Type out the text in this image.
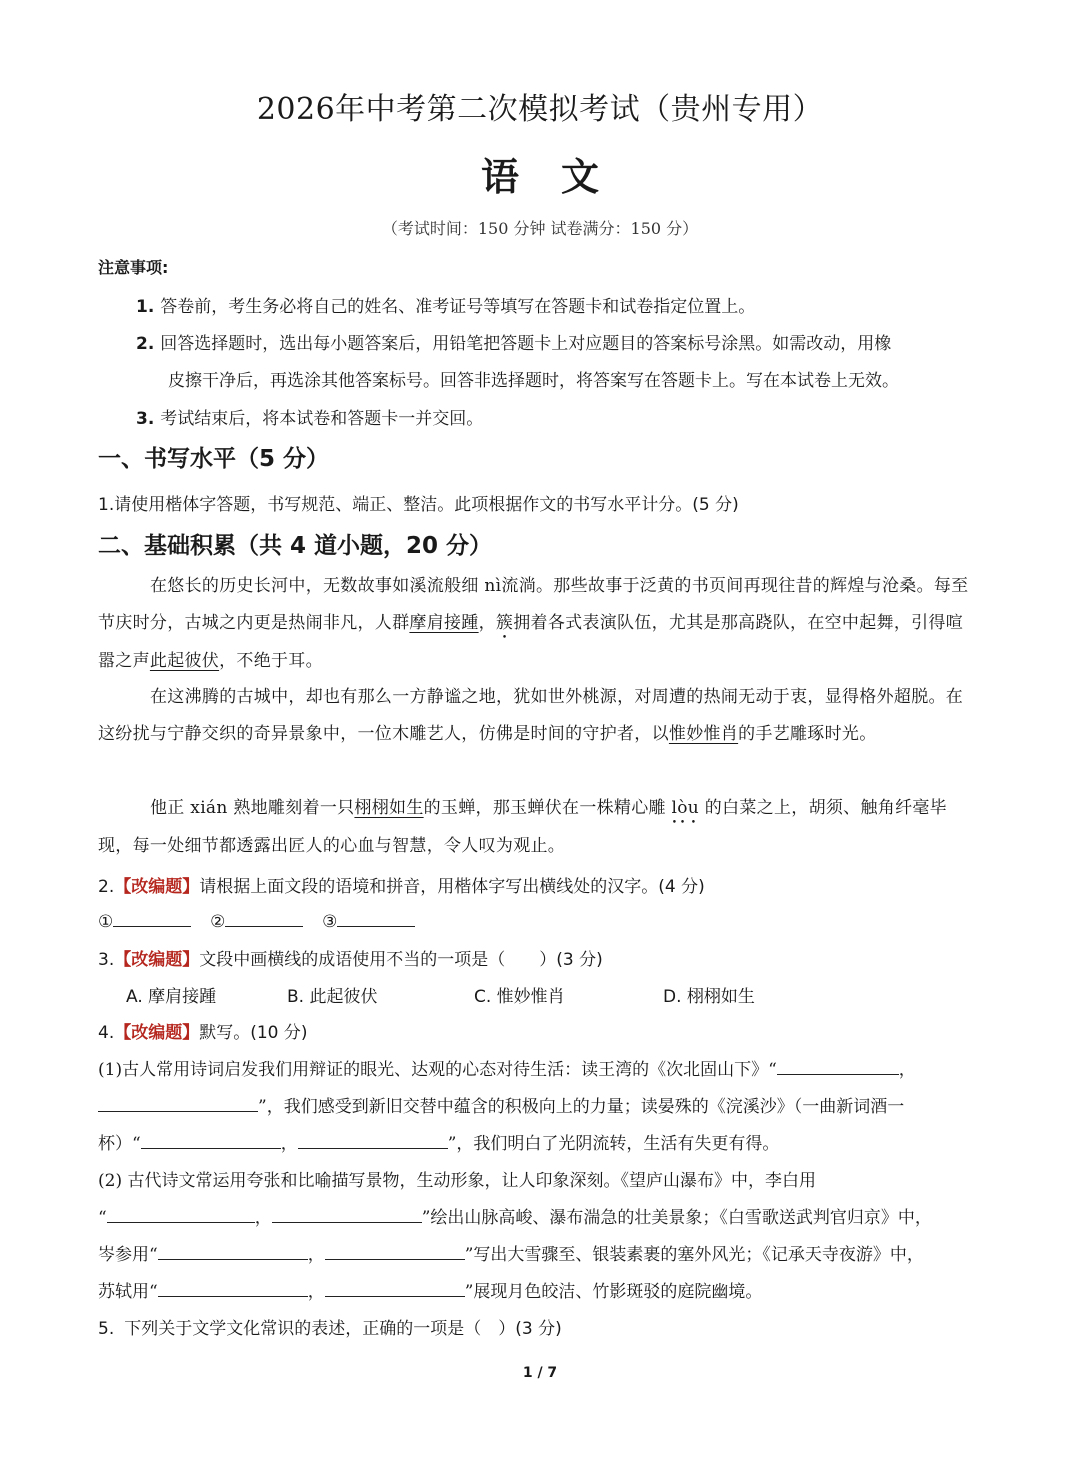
2026年中考第二次模拟考试（贵州专用）
语文
（考试时间：150 分钟 试卷满分：150 分）
注意事项:
1. 答卷前，考生务必将自己的姓名、准考证号等填写在答题卡和试卷指定位置上。
2. 回答选择题时，选出每小题答案后，用铅笔把答题卡上对应题目的答案标号涂黑。如需改动，用橡
皮擦干净后，再选涂其他答案标号。回答非选择题时，将答案写在答题卡上。写在本试卷上无效。
3. 考试结束后，将本试卷和答题卡一并交回。
一、书写水平（5 分）
1.请使用楷体字答题，书写规范、端正、整洁。此项根据作文的书写水平计分。(5 分)
二、基础积累（共 4 道小题，20 分）
在悠长的历史长河中，无数故事如溪流般细 nì流淌。那些故事于泛黄的书页间再现往昔的辉煌与沧桑。每至节庆时分，古城之内更是热闹非凡，人群摩肩接踵，簇拥着各式表演队伍，尤其是那高跷队，在空中起舞，引得喧嚣之声此起彼伏，不绝于耳。
在这沸腾的古城中，却也有那么一方静谧之地，犹如世外桃源，对周遭的热闹无动于衷，显得格外超脱。在这纷扰与宁静交织的奇异景象中，一位木雕艺人，仿佛是时间的守护者，以惟妙惟肖的手艺雕琢时光。
他正 xián 熟地雕刻着一只栩栩如生的玉蝉，那玉蝉伏在一株精心雕 lòu 的白菜之上，胡须、触角纤毫毕现，每一处细节都透露出匠人的心血与智慧，令人叹为观止。
2.【改编题】请根据上面文段的语境和拼音，用楷体字写出横线处的汉字。(4 分)
①	②	③
3.【改编题】文段中画横线的成语使用不当的一项是（　　）(3 分)
A. 摩肩接踵	B. 此起彼伏	C. 惟妙惟肖	D. 栩栩如生
4.【改编题】默写。(10 分)
(1)古人常用诗词启发我们用辩证的眼光、达观的心态对待生活：读王湾的《次北固山下》“	，
”，我们感受到新旧交替中蕴含的积极向上的力量；读晏殊的《浣溪沙》（一曲新词酒一
杯）“	，	”，我们明白了光阴流转，生活有失更有得。
(2) 古代诗文常运用夸张和比喻描写景物，生动形象，让人印象深刻。《望庐山瀑布》中，李白用
“	，	”绘出山脉高峻、瀑布湍急的壮美景象；《白雪歌送武判官归京》中，
岑参用“	，	”写出大雪骤至、银装素裹的塞外风光；《记承天寺夜游》中，
苏轼用“	，	”展现月色皎洁、竹影斑驳的庭院幽境。
5. 下列关于文学文化常识的表述，正确的一项是（　）(3 分)
1 / 7
